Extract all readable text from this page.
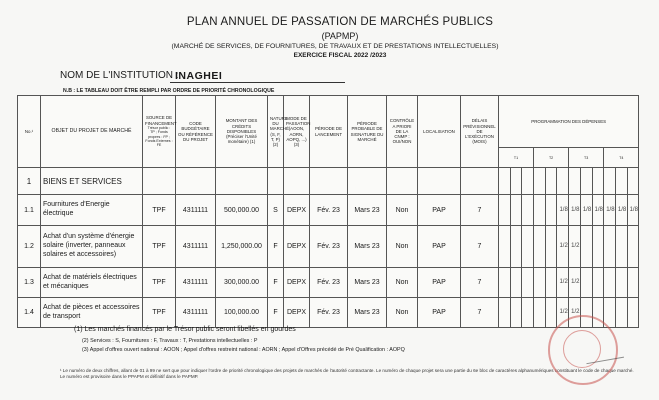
PLAN ANNUEL DE PASSATION DE MARCHÉS PUBLICS
(PAPMP)
(MARCHÉ DE SERVICES, DE FOURNITURES, DE TRAVAUX ET DE PRESTATIONS INTELLECTUELLES)
EXERCICE FISCAL 2022 /2023
NOM DE L'INSTITUTION :
INAGHEI
N.B : LE TABLEAU DOIT ÊTRE REMPLI PAR ORDRE DE PRIORITÉ CHRONOLOGIQUE
No.¹	OBJET DU PROJET DE MARCHÉ	SOURCE DE FINANCEMENT
Trésor public : TP ; Fonds propres : FP ; Fonds Externes : FE	CODE BUDGÉTAIRE OU RÉFÉRENCE DU PROJET	MONTANT DES CRÉDITS DISPONIBLES (Préciser l'Unité monétaire) (1)	NATURE DU MARCHÉ (S, F, T, P) (2)	MODE DE PASSATION (AOON, AORN, AOPQ, ...) (3)	PÉRIODE DE LANCEMENT	PÉRIODE PROBABLE DE SIGNATURE DU MARCHÉ	CONTRÔLE A PRIORI DE LA CNMP : OUI/NON	LOCALISATION	DÉLAIS PRÉVISIONNEL DE L'EXÉCUTION (MOIS)	PROGRAMMATION DES DÉPENSES											
												T1			T2			T3			T4		
1	BIENS ET SERVICES																						
1.1	Fournitures d'Energie électrique	TPF	4311111	500,000.00	S	DEPX	Fév. 23	Mars 23	Non	PAP	7						1/8	1/8	1/8	1/8	1/8	1/8	1/8
1.2	Achat d'un système d'énergie solaire (inverter, panneaux solaires et accessoires)	TPF	4311111	1,250,000.00	F	DEPX	Fév. 23	Mars 23	Non	PAP	7						1/2	1/2					
1.3	Achat de matériels électriques et mécaniques	TPF	4311111	300,000.00	F	DEPX	Fév. 23	Mars 23	Non	PAP	7						1/2	1/2					
1.4	Achat de pièces et accessoires de transport	TPF	4311111	100,000.00	F	DEPX	Fév. 23	Mars 23	Non	PAP	7						1/2	1/2					
(1) Les marchés financés par le Trésor public seront libellés en gourdes
(2) Services : S, Fournitures : F, Travaux : T, Prestations intellectuelles : P
(3) Appel d'offres ouvert national : AOON ; Appel d'offres restreint national : AORN ; Appel d'Offres précédé de Pré Qualification : AOPQ
¹ Le numéro de deux chiffres, allant de 01 à 99 ne sert que pour indiquer l'ordre de priorité chronologique des projets de marchés de l'autorité contractante. Le numéro de chaque projet sera une partie du 6e bloc de caractères alphanumériques constituant le code de chaque marché. Le numéro est provisoire dans le PPAPM et définitif dans le PAPMP.
